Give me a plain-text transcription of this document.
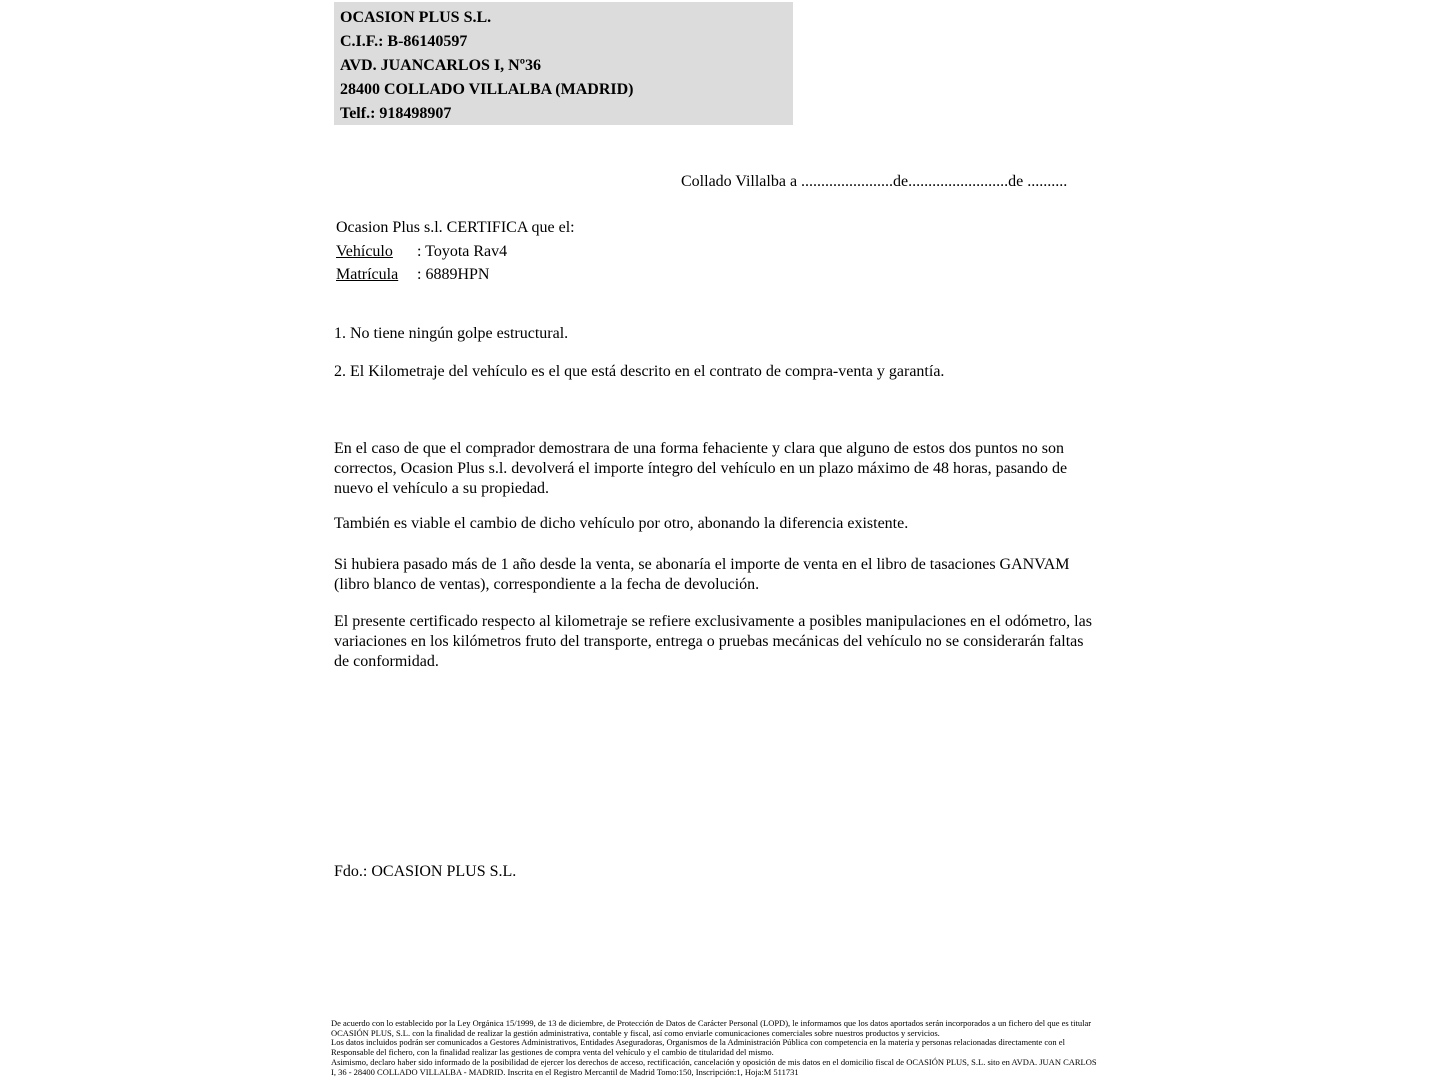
OCASION PLUS S.L.
C.I.F.: B-86140597
AVD. JUANCARLOS I, Nº36
28400 COLLADO VILLALBA (MADRID)
Telf.: 918498907
Collado Villalba a .......................de.........................de ..........
Ocasion Plus s.l. CERTIFICA que el:
Vehículo : Toyota Rav4
Matrícula : 6889HPN
1. No tiene ningún golpe estructural.
2. El Kilometraje del vehículo es el que está descrito en el contrato de compra-venta y garantía.
En el caso de que el comprador demostrara de una forma fehaciente y clara que alguno de estos dos puntos no son correctos, Ocasion Plus s.l. devolverá el importe íntegro del vehículo en un plazo máximo de 48 horas, pasando de nuevo el vehículo a su propiedad.
También es viable el cambio de dicho vehículo por otro, abonando la diferencia existente.
Si hubiera pasado más de 1 año desde la venta, se abonaría el importe de venta en el libro de tasaciones GANVAM (libro blanco de ventas), correspondiente a la fecha de devolución.
El presente certificado respecto al kilometraje se refiere exclusivamente a posibles manipulaciones en el odómetro, las variaciones en los kilómetros fruto del transporte, entrega o pruebas mecánicas del vehículo no se considerarán faltas de conformidad.
Fdo.: OCASION PLUS S.L.

De acuerdo con lo establecido por la Ley Orgánica 15/1999, de 13 de diciembre, de Protección de Datos de Carácter Personal (LOPD), le informamos que los datos aportados serán incorporados a un fichero del que es titular OCASIÓN PLUS, S.L. con la finalidad de realizar la gestión administrativa, contable y fiscal, así como enviarle comunicaciones comerciales sobre nuestros productos y servicios.

Los datos incluidos podrán ser comunicados a Gestores Administrativos, Entidades Aseguradoras, Organismos de la Administración Pública con competencia en la materia y personas relacionadas directamente con el Responsable del fichero, con la finalidad realizar las gestiones de compra venta del vehículo y el cambio de titularidad del mismo.

Asimismo, declaro haber sido informado de la posibilidad de ejercer los derechos de acceso, rectificación, cancelación y oposición de mis datos en el domicilio fiscal de OCASIÓN PLUS, S.L. sito en AVDA. JUAN CARLOS I, 36 - 28400 COLLADO VILLALBA - MADRID. Inscrita en el Registro Mercantil de Madrid Tomo:150, Inscripción:1, Hoja:M 511731
